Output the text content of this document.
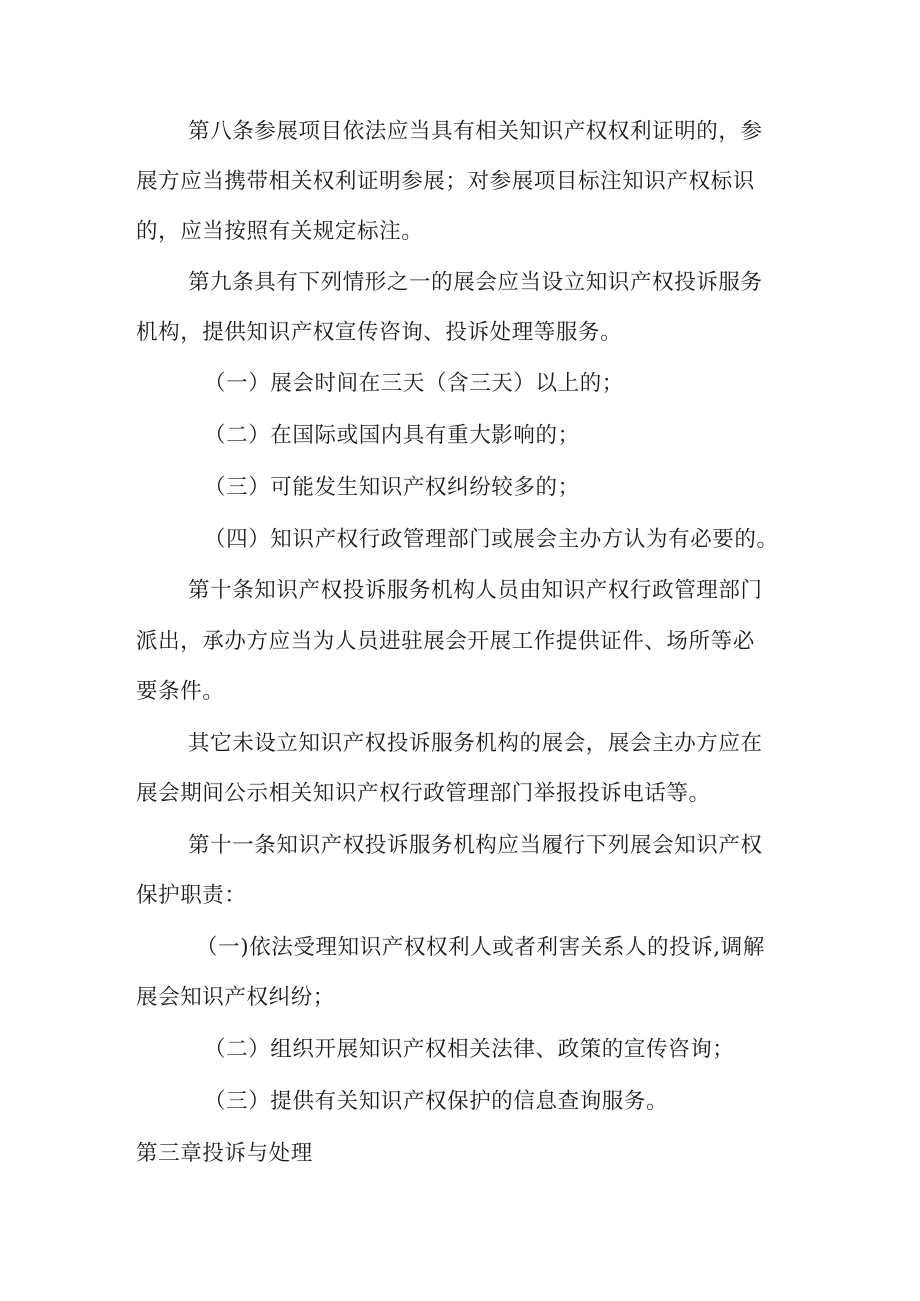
第八条参展项目依法应当具有相关知识产权权利证明的，参
展方应当携带相关权利证明参展；对参展项目标注知识产权标识
的，应当按照有关规定标注。
第九条具有下列情形之一的展会应当设立知识产权投诉服务
机构，提供知识产权宣传咨询、投诉处理等服务。
（一）展会时间在三天（含三天）以上的；
（二）在国际或国内具有重大影响的；
（三）可能发生知识产权纠纷较多的；
（四）知识产权行政管理部门或展会主办方认为有必要的。
第十条知识产权投诉服务机构人员由知识产权行政管理部门
派出，承办方应当为人员进驻展会开展工作提供证件、场所等必
要条件。
其它未设立知识产权投诉服务机构的展会，展会主办方应在
展会期间公示相关知识产权行政管理部门举报投诉电话等。
第十一条知识产权投诉服务机构应当履行下列展会知识产权
保护职责：
（一)依法受理知识产权权利人或者利害关系人的投诉,调解
展会知识产权纠纷；
（二）组织开展知识产权相关法律、政策的宣传咨询；
（三）提供有关知识产权保护的信息查询服务。
第三章投诉与处理
